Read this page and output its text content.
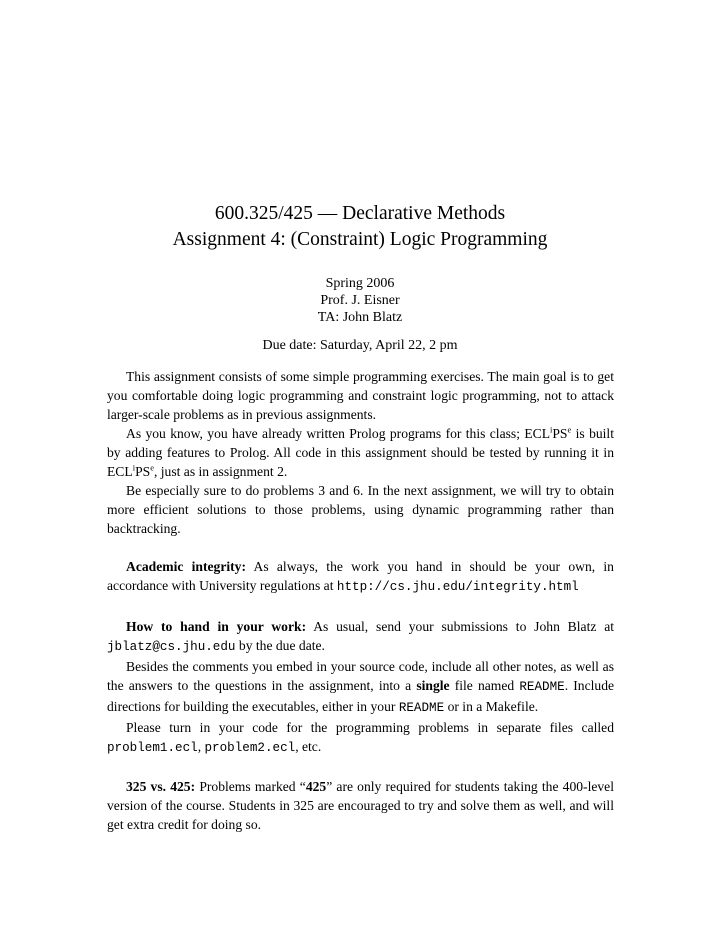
600.325/425 — Declarative Methods
Assignment 4: (Constraint) Logic Programming
Spring 2006
Prof. J. Eisner
TA: John Blatz
Due date: Saturday, April 22, 2 pm

This assignment consists of some simple programming exercises. The main goal is to get you comfortable doing logic programming and constraint logic programming, not to attack larger-scale problems as in previous assignments.

As you know, you have already written Prolog programs for this class; $ECL^iPS^e$ is built by adding features to Prolog. All code in this assignment should be tested by running it in $ECL^iPS^e$, just as in assignment 2.

Be especially sure to do problems 3 and 6. In the next assignment, we will try to obtain more efficient solutions to those problems, using dynamic programming rather than backtracking.

Academic integrity: As always, the work you hand in should be your own, in accordance with University regulations at http://cs.jhu.edu/integrity.html

How to hand in your work: As usual, send your submissions to John Blatz at jblatz@cs.jhu.edu by the due date.

Besides the comments you embed in your source code, include all other notes, as well as the answers to the questions in the assignment, into a single file named README. Include directions for building the executables, either in your README or in a Makefile.

Please turn in your code for the programming problems in separate files called problem1.ecl, problem2.ecl, etc.

325 vs. 425: Problems marked “425” are only required for students taking the 400-level version of the course. Students in 325 are encouraged to try and solve them as well, and will get extra credit for doing so.
